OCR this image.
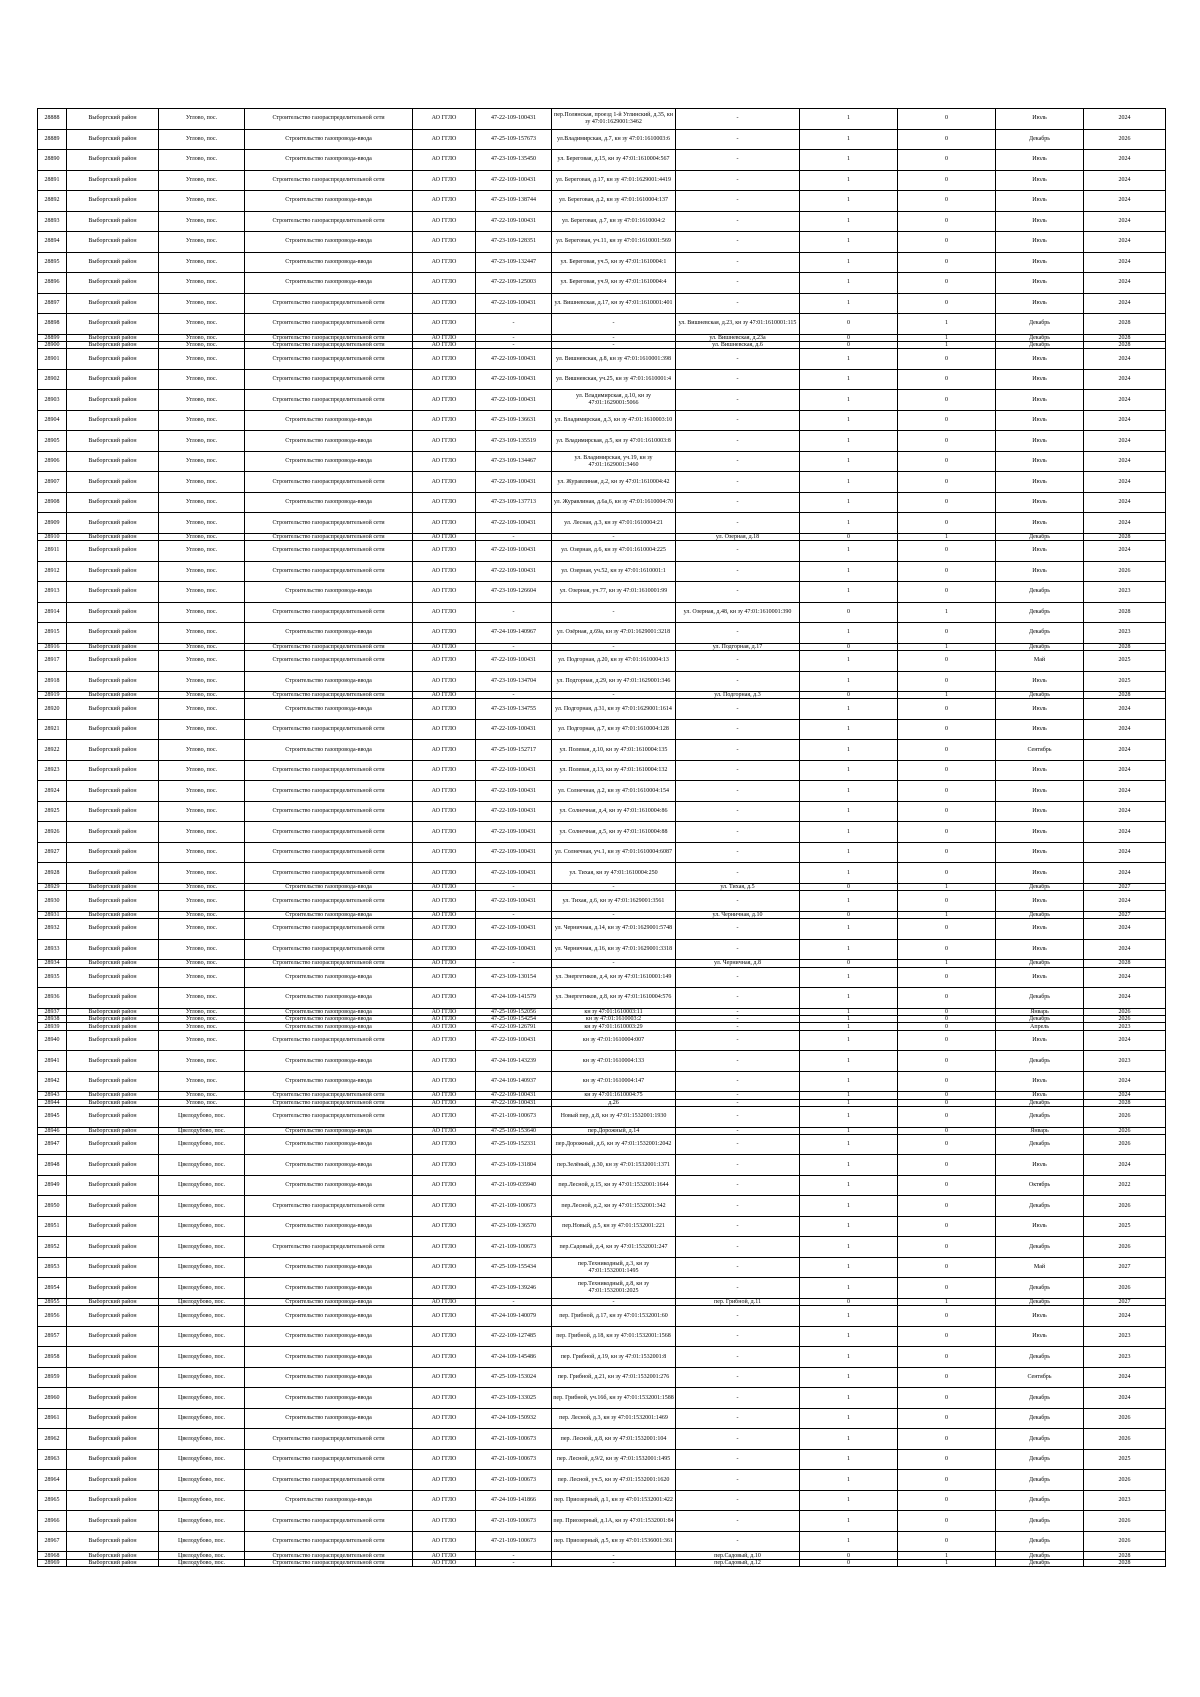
28888	Выборгский район	Углово, пос.	Строительство газораспределительной сети	АО ГГЛО	47-22-109-100431	пер.Полянская, проезд 1-й Углинский, д.35, кн зу 47:01:1629001:3462	-	1	0	Июль	2024
28889	Выборгский район	Углово, пос.	Строительство газопровода-ввода	АО ГГЛО	47-25-109-157673	ул.Владимирская, д.7, кн зу 47:01:1610003:6	-	1	0	Декабрь	2026
28890	Выборгский район	Углово, пос.	Строительство газопровода-ввода	АО ГГЛО	47-23-109-135450	ул. Береговая, д.15, кн зу 47:01:1610004:567	-	1	0	Июль	2024
28891	Выборгский район	Углово, пос.	Строительство газораспределительной сети	АО ГГЛО	47-22-109-100431	ул. Береговая, д.17, кн зу 47:01:1629001:4419	-	1	0	Июль	2024
28892	Выборгский район	Углово, пос.	Строительство газопровода-ввода	АО ГГЛО	47-23-109-138744	ул. Береговая, д.2, кн зу 47:01:1610004:137	-	1	0	Июль	2024
28893	Выборгский район	Углово, пос.	Строительство газораспределительной сети	АО ГГЛО	47-22-109-100431	ул. Береговая, д.7, кн зу 47:01:1610004:2	-	1	0	Июль	2024
28894	Выборгский район	Углово, пос.	Строительство газопровода-ввода	АО ГГЛО	47-23-109-128351	ул. Береговая, уч.11, кн зу 47:01:1610001:569	-	1	0	Июль	2024
28895	Выборгский район	Углово, пос.	Строительство газопровода-ввода	АО ГГЛО	47-23-109-132447	ул. Береговая, уч.5, кн зу 47:01:1610004:1	-	1	0	Июль	2024
28896	Выборгский район	Углово, пос.	Строительство газопровода-ввода	АО ГГЛО	47-22-109-125003	ул. Береговая, уч.9, кн зу 47:01:1610004:4	-	1	0	Июль	2024
28897	Выборгский район	Углово, пос.	Строительство газораспределительной сети	АО ГГЛО	47-22-109-100431	ул. Вишневская, д.17, кн зу 47:01:1610001:401	-	1	0	Июль	2024
28898	Выборгский район	Углово, пос.	Строительство газораспределительной сети	АО ГГЛО	-	-	ул. Вишневская, д.23, кн зу 47:01:1610001:115	0	1	Декабрь	2028
28899	Выборгский район	Углово, пос.	Строительство газораспределительной сети	АО ГГЛО	-	-	ул. Вишневская, д.23а	0	1	Декабрь	2028
28900	Выборгский район	Углово, пос.	Строительство газораспределительной сети	АО ГГЛО	-	-	ул. Вишневская, д.6	0	1	Декабрь	2028
28901	Выборгский район	Углово, пос.	Строительство газораспределительной сети	АО ГГЛО	47-22-109-100431	ул. Вишневская, д.8, кн зу 47:01:1610001:398	-	1	0	Июль	2024
28902	Выборгский район	Углово, пос.	Строительство газораспределительной сети	АО ГГЛО	47-22-109-100431	ул. Вишневская, уч.25, кн зу 47:01:1610001:4	-	1	0	Июль	2024
28903	Выборгский район	Углово, пос.	Строительство газораспределительной сети	АО ГГЛО	47-22-109-100431	ул. Владимирская, д.10, кн зу 47:01:1629001:5066	-	1	0	Июль	2024
28904	Выборгский район	Углово, пос.	Строительство газопровода-ввода	АО ГГЛО	47-23-109-136631	ул. Владимирская, д.3, кн зу 47:01:1610003:10	-	1	0	Июль	2024
28905	Выборгский район	Углово, пос.	Строительство газопровода-ввода	АО ГГЛО	47-23-109-135519	ул. Владимирская, д.5, кн зу 47:01:1610003:8	-	1	0	Июль	2024
28906	Выборгский район	Углово, пос.	Строительство газопровода-ввода	АО ГГЛО	47-23-109-134467	ул. Владимирская, уч.19, кн зу 47:01:1629001:3460	-	1	0	Июль	2024
28907	Выборгский район	Углово, пос.	Строительство газораспределительной сети	АО ГГЛО	47-22-109-100431	ул. Журавлиная, д.2, кн зу 47:01:1610004:42	-	1	0	Июль	2024
28908	Выборгский район	Углово, пос.	Строительство газопровода-ввода	АО ГГЛО	47-23-109-137713	ул. Журавлиная, д.6а,6, кн зу 47:01:1610004:70	-	1	0	Июль	2024
28909	Выборгский район	Углово, пос.	Строительство газораспределительной сети	АО ГГЛО	47-22-109-100431	ул. Лесная, д.3, кн зу 47:01:1610004:21	-	1	0	Июль	2024
28910	Выборгский район	Углово, пос.	Строительство газораспределительной сети	АО ГГЛО	-	-	ул. Озерная, д.18	0	1	Декабрь	2028
28911	Выборгский район	Углово, пос.	Строительство газораспределительной сети	АО ГГЛО	47-22-109-100431	ул. Озерная, д.6, кн зу 47:01:1610004:225	-	1	0	Июль	2024
28912	Выборгский район	Углово, пос.	Строительство газораспределительной сети	АО ГГЛО	47-22-109-100431	ул. Озерная, уч.52, кн зу 47:01:1610001:1	-	1	0	Июль	2026
28913	Выборгский район	Углово, пос.	Строительство газопровода-ввода	АО ГГЛО	47-23-109-126604	ул. Озерная, уч.77, кн зу 47:01:1610001:99	-	1	0	Декабрь	2023
28914	Выборгский район	Углово, пос.	Строительство газораспределительной сети	АО ГГЛО	-	-	ул. Озерная, д.48, кн зу 47:01:1610001:390	0	1	Декабрь	2028
28915	Выборгский район	Углово, пос.	Строительство газопровода-ввода	АО ГГЛО	47-24-109-140967	ул. Озёрная, д.69а, кн зу 47:01:1629001:3218	-	1	0	Декабрь	2023
28916	Выборгский район	Углово, пос.	Строительство газораспределительной сети	АО ГГЛО	-	-	ул. Подгорная, д.17	0	1	Декабрь	2028
28917	Выборгский район	Углово, пос.	Строительство газораспределительной сети	АО ГГЛО	47-22-109-100431	ул. Подгорная, д.20, кн зу 47:01:1610004:13	-	1	0	Май	2025
28918	Выборгский район	Углово, пос.	Строительство газопровода-ввода	АО ГГЛО	47-23-109-134704	ул. Подгорная, д.29, кн зу 47:01:1629001:346	-	1	0	Июль	2025
28919	Выборгский район	Углово, пос.	Строительство газораспределительной сети	АО ГГЛО	-	-	ул. Подгорная, д.3	0	1	Декабрь	2028
28920	Выборгский район	Углово, пос.	Строительство газопровода-ввода	АО ГГЛО	47-23-109-134755	ул. Подгорная, д.31, кн зу 47:01:1629001:1614	-	1	0	Июль	2024
28921	Выборгский район	Углово, пос.	Строительство газораспределительной сети	АО ГГЛО	47-22-109-100431	ул. Подгорная, д.7, кн зу 47:01:1610004:128	-	1	0	Июль	2024
28922	Выборгский район	Углово, пос.	Строительство газопровода-ввода	АО ГГЛО	47-25-109-152717	ул. Полевая, д.10, кн зу 47:01:1610004:135	-	1	0	Сентябрь	2024
28923	Выборгский район	Углово, пос.	Строительство газораспределительной сети	АО ГГЛО	47-22-109-100431	ул. Полевая, д.13, кн зу 47:01:1610004:132	-	1	0	Июль	2024
28924	Выборгский район	Углово, пос.	Строительство газораспределительной сети	АО ГГЛО	47-22-109-100431	ул. Солнечная, д.2, кн зу 47:01:1610004:154	-	1	0	Июль	2024
28925	Выборгский район	Углово, пос.	Строительство газораспределительной сети	АО ГГЛО	47-22-109-100431	ул. Солнечная, д.4, кн зу 47:01:1610004:86	-	1	0	Июль	2024
28926	Выборгский район	Углово, пос.	Строительство газораспределительной сети	АО ГГЛО	47-22-109-100431	ул. Солнечная, д.5, кн зу 47:01:1610004:88	-	1	0	Июль	2024
28927	Выборгский район	Углово, пос.	Строительство газораспределительной сети	АО ГГЛО	47-22-109-100431	ул. Солнечная, уч.1, кн зу 47:01:1610004:6087	-	1	0	Июль	2024
28928	Выборгский район	Углово, пос.	Строительство газораспределительной сети	АО ГГЛО	47-22-109-100431	ул. Тихая, кн зу 47:01:1610004:250	-	1	0	Июль	2024
28929	Выборгский район	Углово, пос.	Строительство газопровода-ввода	АО ГГЛО	-	-	ул. Тихая, д.5	0	1	Декабрь	2027
28930	Выборгский район	Углово, пос.	Строительство газораспределительной сети	АО ГГЛО	47-22-109-100431	ул. Тихая, д.6, кн зу 47:01:1629001:3561	-	1	0	Июль	2024
28931	Выборгский район	Углово, пос.	Строительство газопровода-ввода	АО ГГЛО	-	-	ул. Черничная, д.10	0	1	Декабрь	2027
28932	Выборгский район	Углово, пос.	Строительство газораспределительной сети	АО ГГЛО	47-22-109-100431	ул. Черничная, д.14, кн зу 47:01:1629001:5748	-	1	0	Июль	2024
28933	Выборгский район	Углово, пос.	Строительство газораспределительной сети	АО ГГЛО	47-22-109-100431	ул. Черничная, д.16, кн зу 47:01:1629001:3318	-	1	0	Июль	2024
28934	Выборгский район	Углово, пос.	Строительство газораспределительной сети	АО ГГЛО	-	-	ул. Черничная, д.8	0	1	Декабрь	2028
28935	Выборгский район	Углово, пос.	Строительство газопровода-ввода	АО ГГЛО	47-23-109-130154	ул. Энергетиков, д.4, кн зу 47:01:1610001:149	-	1	0	Июль	2024
28936	Выборгский район	Углово, пос.	Строительство газопровода-ввода	АО ГГЛО	47-24-109-141579	ул. Энергетиков, д.8, кн зу 47:01:1610004:576	-	1	0	Декабрь	2024
28937	Выборгский район	Углово, пос.	Строительство газопровода-ввода	АО ГГЛО	47-25-109-152056	кн зу 47:01:1610003:11	-	1	0	Январь	2026
28938	Выборгский район	Углово, пос.	Строительство газопровода-ввода	АО ГГЛО	47-25-109-154254	кн зу 47:01:1610003:2	-	1	0	Декабрь	2026
28939	Выборгский район	Углово, пос.	Строительство газопровода-ввода	АО ГГЛО	47-22-109-126791	кн зу 47:01:1610003:29	-	1	0	Апрель	2023
28940	Выборгский район	Углово, пос.	Строительство газораспределительной сети	АО ГГЛО	47-22-109-100431	кн зу 47:01:1610004:007	-	1	0	Июль	2024
28941	Выборгский район	Углово, пос.	Строительство газопровода-ввода	АО ГГЛО	47-24-109-143239	кн зу 47:01:1610004:133	-	1	0	Декабрь	2023
28942	Выборгский район	Углово, пос.	Строительство газопровода-ввода	АО ГГЛО	47-24-109-140937	кн зу 47:01:1610004:147	-	1	0	Июль	2024
28943	Выборгский район	Углово, пос.	Строительство газораспределительной сети	АО ГГЛО	47-22-109-100431	кн зу 47:01:1610004:75	-	1	0	Июль	2024
28944	Выборгский район	Углово, пос.	Строительство газораспределительной сети	АО ГГЛО	47-22-109-100431	д.26	-	1	0	Декабрь	2028
28945	Выборгский район	Цвелодубово, пос.	Строительство газораспределительной сети	АО ГГЛО	47-21-109-100673	Новый пер, д.8, кн зу 47:01:1532001:1930	-	1	0	Декабрь	2026
28946	Выборгский район	Цвелодубово, пос.	Строительство газопровода-ввода	АО ГГЛО	47-25-109-153640	пер.Дорожный, д.14	-	1	0	Январь	2026
28947	Выборгский район	Цвелодубово, пос.	Строительство газопровода-ввода	АО ГГЛО	47-25-109-152331	пер.Дорожный, д.6, кн зу 47:01:1532001:2042	-	1	0	Декабрь	2026
28948	Выборгский район	Цвелодубово, пос.	Строительство газопровода-ввода	АО ГГЛО	47-23-109-131804	пер.Зелёный, д.30, кн зу 47:01:1532001:1371	-	1	0	Июль	2024
28949	Выборгский район	Цвелодубово, пос.	Строительство газопровода-ввода	АО ГГЛО	47-21-109-035940	пер.Лесной, д.15, кн зу 47:01:1532001:1644	-	1	0	Октябрь	2022
28950	Выборгский район	Цвелодубово, пос.	Строительство газораспределительной сети	АО ГГЛО	47-21-109-100673	пер.Лесной, д.2, кн зу 47:01:1532001:342	-	1	0	Декабрь	2026
28951	Выборгский район	Цвелодубово, пос.	Строительство газопровода-ввода	АО ГГЛО	47-23-109-136570	пер.Новый, д.5, кн зу 47:01:1532001:221	-	1	0	Июль	2025
28952	Выборгский район	Цвелодубово, пос.	Строительство газораспределительной сети	АО ГГЛО	47-21-109-100673	пер.Садовый, д.4, кн зу 47:01:1532001:247	-	1	0	Декабрь	2026
28953	Выборгский район	Цвелодубово, пос.	Строительство газопровода-ввода	АО ГГЛО	47-25-109-155434	пер.Техникодный, д.3, кн зу 47:01:1532001:1495	-	1	0	Май	2027
28954	Выборгский район	Цвелодубово, пос.	Строительство газопровода-ввода	АО ГГЛО	47-23-109-139246	пер.Техникодный, д.8, кн зу 47:01:1532001:2025	-	1	0	Декабрь	2026
28955	Выборгский район	Цвелодубово, пос.	Строительство газопровода-ввода	АО ГГЛО	-	-	пер. Грибной, д.11	0	1	Декабрь	2027
28956	Выборгский район	Цвелодубово, пос.	Строительство газопровода-ввода	АО ГГЛО	47-24-109-140079	пер. Грибной, д.17, кн зу 47:01:1532001:60	-	1	0	Июль	2024
28957	Выборгский район	Цвелодубово, пос.	Строительство газопровода-ввода	АО ГГЛО	47-22-109-127485	пер. Грибной, д.18, кн зу 47:01:1532001:1568	-	1	0	Июль	2023
28958	Выборгский район	Цвелодубово, пос.	Строительство газопровода-ввода	АО ГГЛО	47-24-109-145486	пер. Грибной, д.19, кн зу 47:01:1532001:8	-	1	0	Декабрь	2023
28959	Выборгский район	Цвелодубово, пос.	Строительство газопровода-ввода	АО ГГЛО	47-25-109-153024	пер. Грибной, д.21, кн зу 47:01:1532001:276	-	1	0	Сентябрь	2024
28960	Выборгский район	Цвелодубово, пос.	Строительство газопровода-ввода	АО ГГЛО	47-23-109-133025	пер. Грибной, уч.16б, кн зу 47:01:1532001:1588	-	1	0	Декабрь	2024
28961	Выборгский район	Цвелодубово, пос.	Строительство газопровода-ввода	АО ГГЛО	47-24-109-150932	пер. Лесной, д.3, кн зу 47:01:1532001:1469	-	1	0	Декабрь	2026
28962	Выборгский район	Цвелодубово, пос.	Строительство газораспределительной сети	АО ГГЛО	47-21-109-100673	пер. Лесной, д.8, кн зу 47:01:1532001:104	-	1	0	Декабрь	2026
28963	Выборгский район	Цвелодубово, пос.	Строительство газораспределительной сети	АО ГГЛО	47-21-109-100673	пер. Лесной, д.9/2, кн зу 47:01:1532001:1495	-	1	0	Декабрь	2025
28964	Выборгский район	Цвелодубово, пос.	Строительство газораспределительной сети	АО ГГЛО	47-21-109-100673	пер. Лесной, уч.5, кн зу 47:01:1532001:1620	-	1	0	Декабрь	2026
28965	Выборгский район	Цвелодубово, пос.	Строительство газопровода-ввода	АО ГГЛО	47-24-109-141866	пер. Приозерный, д.1, кн зу 47:01:1532001:422	-	1	0	Декабрь	2023
28966	Выборгский район	Цвелодубово, пос.	Строительство газораспределительной сети	АО ГГЛО	47-21-109-100673	пер. Приозерный, д.1А, кн зу 47:01:1532001:84	-	1	0	Декабрь	2026
28967	Выборгский район	Цвелодубово, пос.	Строительство газораспределительной сети	АО ГГЛО	47-21-109-100673	пер. Приозерный, д.5, кн зу 47:01:1536001:361	-	1	0	Декабрь	2026
28968	Выборгский район	Цвелодубово, пос.	Строительство газораспределительной сети	АО ГГЛО	-	-	пер.Садовый, д.10	0	1	Декабрь	2028
28969	Выборгский район	Цвелодубово, пос.	Строительство газораспределительной сети	АО ГГЛО	-	-	пер.Садовый, д.12	0	1	Декабрь	2028
